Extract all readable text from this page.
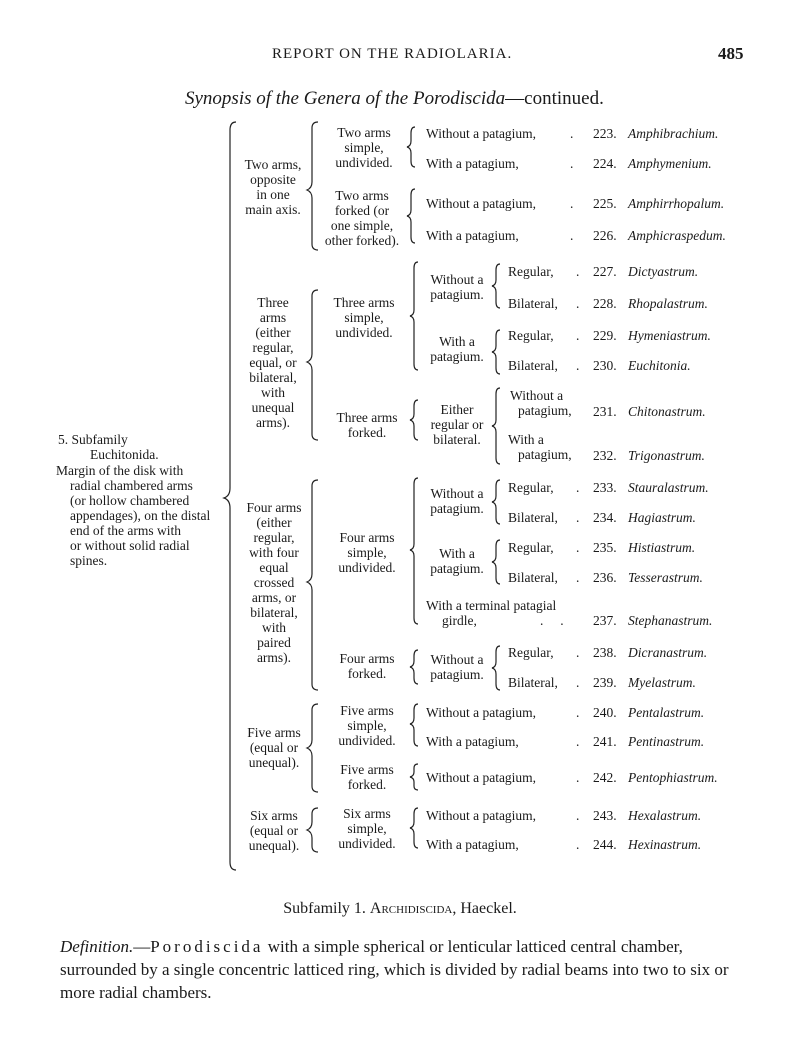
REPORT ON THE RADIOLARIA.	485
Synopsis of the Genera of the Porodiscida—continued.
5. Subfamily
Euchitonida.
Margin of the disk with
radial chambered arms
(or hollow chambered
appendages), on the distal
end of the arms with
or without solid radial
spines.
Two arms,
opposite
in one
main axis.
Three
arms
(either
regular,
equal, or
bilateral,
with
unequal
arms).
Four arms
(either
regular,
with four
equal
crossed
arms, or
bilateral,
with
paired
arms).
Five arms
(equal or
unequal).
Six arms
(equal or
unequal).
Two arms
simple,
undivided.
Two arms
forked (or
one simple,
other forked).
Three arms
simple,
undivided.
Three arms
forked.
Four arms
simple,
undivided.
Four arms
forked.
Five arms
simple,
undivided.
Five arms
forked.
Six arms
simple,
undivided.
Without a
patagium.
With a
patagium.
Either
regular or
bilateral.
Without a
patagium.
With a
patagium.
Without a
patagium.
Without a patagium,
With a patagium,
Without a patagium,
With a patagium,
Regular,
Bilateral,
Regular,
Bilateral,
Without a
patagium,
With a
patagium,
Regular,
Bilateral,
Regular,
Bilateral,
With a terminal patagial
girdle,
Regular,
Bilateral,
Without a patagium,
With a patagium,
Without a patagium,
Without a patagium,
With a patagium,
.
.
.
.
.
.
.
.
.
.
.
.
.     .
.
.
.
.
.
.
.
223. Amphibrachium.
224. Amphymenium.
225. Amphirrhopalum.
226. Amphicraspedum.
227. Dictyastrum.
228. Rhopalastrum.
229. Hymeniastrum.
230. Euchitonia.
231. Chitonastrum.
232. Trigonastrum.
233. Stauralastrum.
234. Hagiastrum.
235. Histiastrum.
236. Tesserastrum.
237. Stephanastrum.
238. Dicranastrum.
239. Myelastrum.
240. Pentalastrum.
241. Pentinastrum.
242. Pentophiastrum.
243. Hexalastrum.
244. Hexinastrum.
Subfamily 1. Archidiscida, Haeckel.
Definition.—Porodiscida with a simple spherical or lenticular latticed central chamber, surrounded by a single concentric latticed ring, which is divided by radial beams into two to six or more radial chambers.
